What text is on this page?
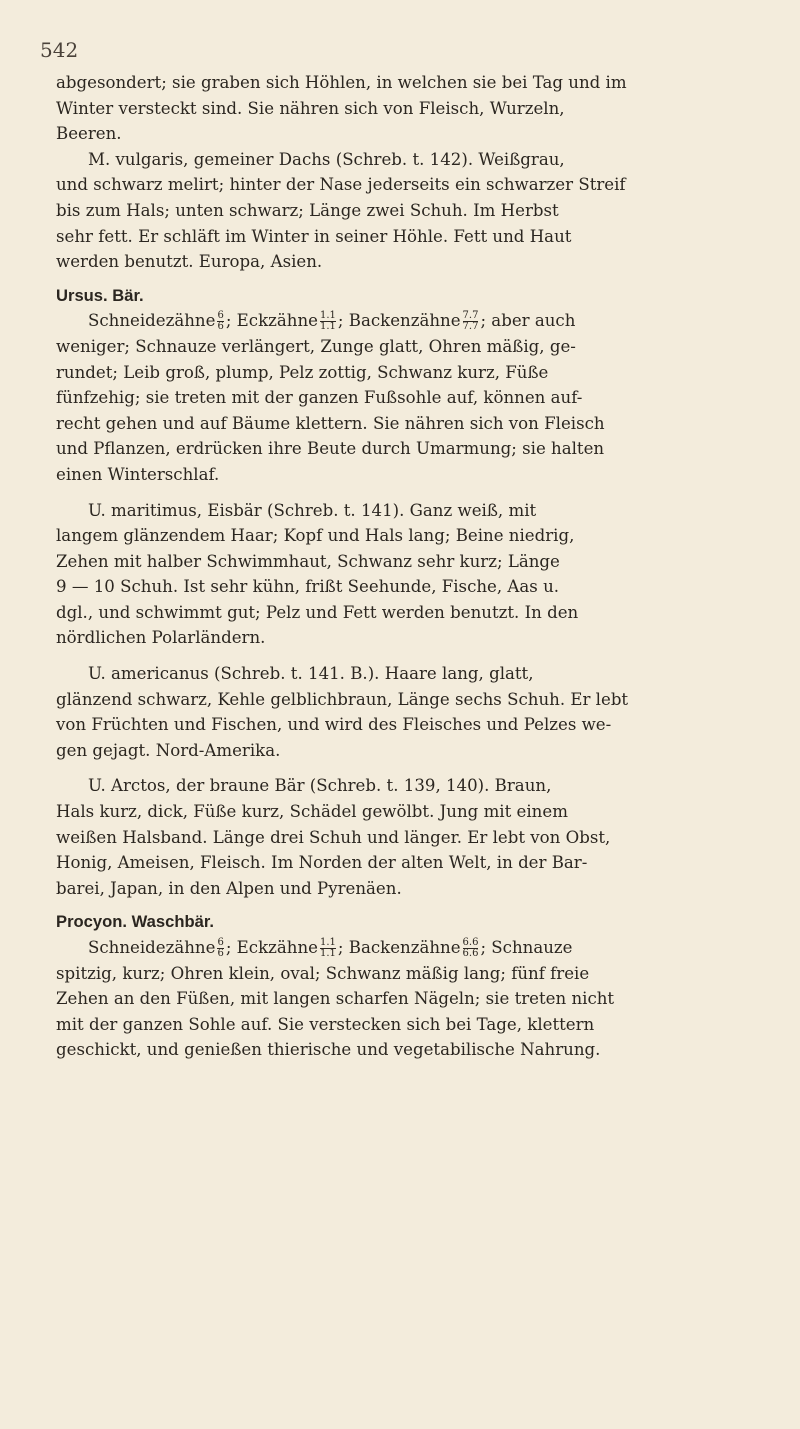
542
abgesondert; sie graben sich Höhlen, in welchen sie bei Tag und im
Winter versteckt sind. Sie nähren sich von Fleisch, Wurzeln,
Beeren.
M. vulgaris, gemeiner Dachs (Schreb. t. 142). Weißgrau,
und schwarz melirt; hinter der Nase jederseits ein schwarzer Streif
bis zum Hals; unten schwarz; Länge zwei Schuh. Im Herbst
sehr fett. Er schläft im Winter in seiner Höhle. Fett und Haut
werden benutzt. Europa, Asien.
Ursus. Bär.
Schneidezähne $\frac{6}{6}$ ; Eckzähne $\frac{1.1}{1.1}$ ; Backenzähne $\frac{7.7}{7.7}$ ; aber auch
weniger; Schnauze verlängert, Zunge glatt, Ohren mäßig, ge-
rundet; Leib groß, plump, Pelz zottig, Schwanz kurz, Füße
fünfzehig; sie treten mit der ganzen Fußsohle auf, können auf-
recht gehen und auf Bäume klettern. Sie nähren sich von Fleisch
und Pflanzen, erdrücken ihre Beute durch Umarmung; sie halten
einen Winterschlaf.
U. maritimus, Eisbär (Schreb. t. 141). Ganz weiß, mit
langem glänzendem Haar; Kopf und Hals lang; Beine niedrig,
Zehen mit halber Schwimmhaut, Schwanz sehr kurz; Länge
9 — 10 Schuh. Ist sehr kühn, frißt Seehunde, Fische, Aas u.
dgl., und schwimmt gut; Pelz und Fett werden benutzt. In den
nördlichen Polarländern.
U. americanus (Schreb. t. 141. B.). Haare lang, glatt,
glänzend schwarz, Kehle gelblichbraun, Länge sechs Schuh. Er lebt
von Früchten und Fischen, und wird des Fleisches und Pelzes we-
gen gejagt. Nord-Amerika.
U. Arctos, der braune Bär (Schreb. t. 139, 140). Braun,
Hals kurz, dick, Füße kurz, Schädel gewölbt. Jung mit einem
weißen Halsband. Länge drei Schuh und länger. Er lebt von Obst,
Honig, Ameisen, Fleisch. Im Norden der alten Welt, in der Bar-
barei, Japan, in den Alpen und Pyrenäen.
Procyon. Waschbär.
Schneidezähne $\frac{6}{6}$ ; Eckzähne $\frac{1.1}{1.1}$ ; Backenzähne $\frac{6.6}{6.6}$ ; Schnauze
spitzig, kurz; Ohren klein, oval; Schwanz mäßig lang; fünf freie
Zehen an den Füßen, mit langen scharfen Nägeln; sie treten nicht
mit der ganzen Sohle auf. Sie verstecken sich bei Tage, klettern
geschickt, und genießen thierische und vegetabilische Nahrung.
